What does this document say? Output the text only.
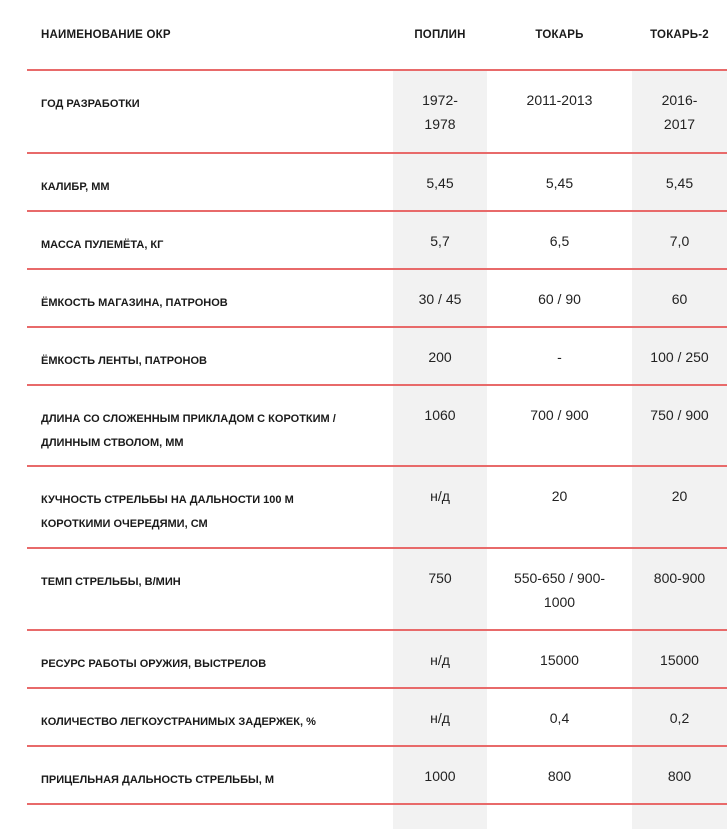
НАИМЕНОВАНИЕ ОКР	ПОПЛИН	ТОКАРЬ	ТОКАРЬ-2
ГОД РАЗРАБОТКИ	1972-1978	2011-2013	2016-2017
КАЛИБР, ММ	5,45	5,45	5,45
МАССА ПУЛЕМЁТА, КГ	5,7	6,5	7,0
ЁМКОСТЬ МАГАЗИНА, ПАТРОНОВ	30 / 45	60 / 90	60
ЁМКОСТЬ ЛЕНТЫ, ПАТРОНОВ	200	-	100 / 250
ДЛИНА СО СЛОЖЕННЫМ ПРИКЛАДОМ С КОРОТКИМ / ДЛИННЫМ СТВОЛОМ, ММ	1060	700 / 900	750 / 900
КУЧНОСТЬ СТРЕЛЬБЫ НА ДАЛЬНОСТИ 100 М КОРОТКИМИ ОЧЕРЕДЯМИ, СМ	н/д	20	20
ТЕМП СТРЕЛЬБЫ, В/МИН	750	550-650 / 900-1000	800-900
РЕСУРС РАБОТЫ ОРУЖИЯ, ВЫСТРЕЛОВ	н/д	15000	15000
КОЛИЧЕСТВО ЛЕГКОУСТРАНИМЫХ ЗАДЕРЖЕК, %	н/д	0,4	0,2
ПРИЦЕЛЬНАЯ ДАЛЬНОСТЬ СТРЕЛЬБЫ, М	1000	800	800
